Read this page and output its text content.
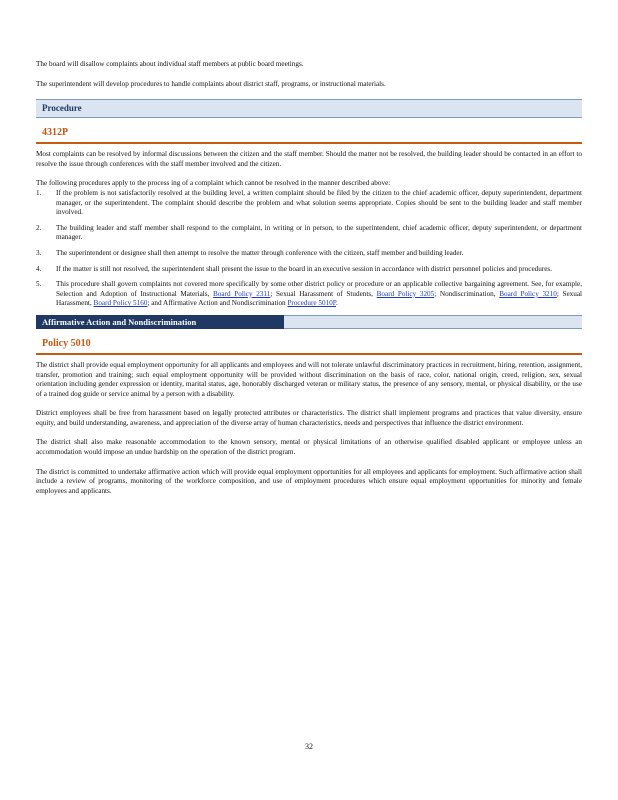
The board will disallow complaints about individual staff members at public board meetings.

The superintendent will develop procedures to handle complaints about district staff, programs, or instructional materials.

Procedure
4312P

Most complaints can be resolved by informal discussions between the citizen and the staff member. Should the matter not be resolved, the building leader should be contacted in an effort to resolve the issue through conferences with the staff member involved and the citizen.

The following procedures apply to the process ing of a complaint which cannot be resolved in the manner described above:

1. If the problem is not satisfactorily resolved at the building level, a written complaint should be filed by the citizen to the chief academic officer, deputy superintendent, department manager, or the superintendent. The complaint should describe the problem and what solution seems appropriate. Copies should be sent to the building leader and staff member involved.

2. The building leader and staff member shall respond to the complaint, in writing or in person, to the superintendent, chief academic officer, deputy superintendent, or department manager.

3. The superintendent or designee shall then attempt to resolve the matter through conference with the citizen, staff member and building leader.

4. If the matter is still not resolved, the superintendent shall present the issue to the board in an executive session in accordance with district personnel policies and procedures.

5. This procedure shall govern complaints not covered more specifically by some other district policy or procedure or an applicable collective bargaining agreement. See, for example, Selection and Adoption of Instructional Materials, Board Policy 2311; Sexual Harassment of Students, Board Policy 3205; Nondiscrimination, Board Policy 3210; Sexual Harassment, Board Policy 5160; and Affirmative Action and Nondiscrimination Procedure 5010P.

Affirmative Action and Nondiscrimination
Policy 5010

The district shall provide equal employment opportunity for all applicants and employees and will not tolerate unlawful discriminatory practices in recruitment, hiring, retention, assignment, transfer, promotion and training; such equal employment opportunity will be provided without discrimination on the basis of race, color, national origin, creed, religion, sex, sexual orientation including gender expression or identity, marital status, age, honorably discharged veteran or military status, the presence of any sensory, mental, or physical disability, or the use of a trained dog guide or service animal by a person with a disability.

District employees shall be free from harassment based on legally protected attributes or characteristics. The district shall implement programs and practices that value diversity, ensure equity, and build understanding, awareness, and appreciation of the diverse array of human characteristics, needs and perspectives that influence the district environment.

The district shall also make reasonable accommodation to the known sensory, mental or physical limitations of an otherwise qualified disabled applicant or employee unless an accommodation would impose an undue hardship on the operation of the district program.

The district is committed to undertake affirmative action which will provide equal employment opportunities for all employees and applicants for employment. Such affirmative action shall include a review of programs, monitoring of the workforce composition, and use of employment procedures which ensure equal employment opportunities for minority and female employees and applicants.

32
